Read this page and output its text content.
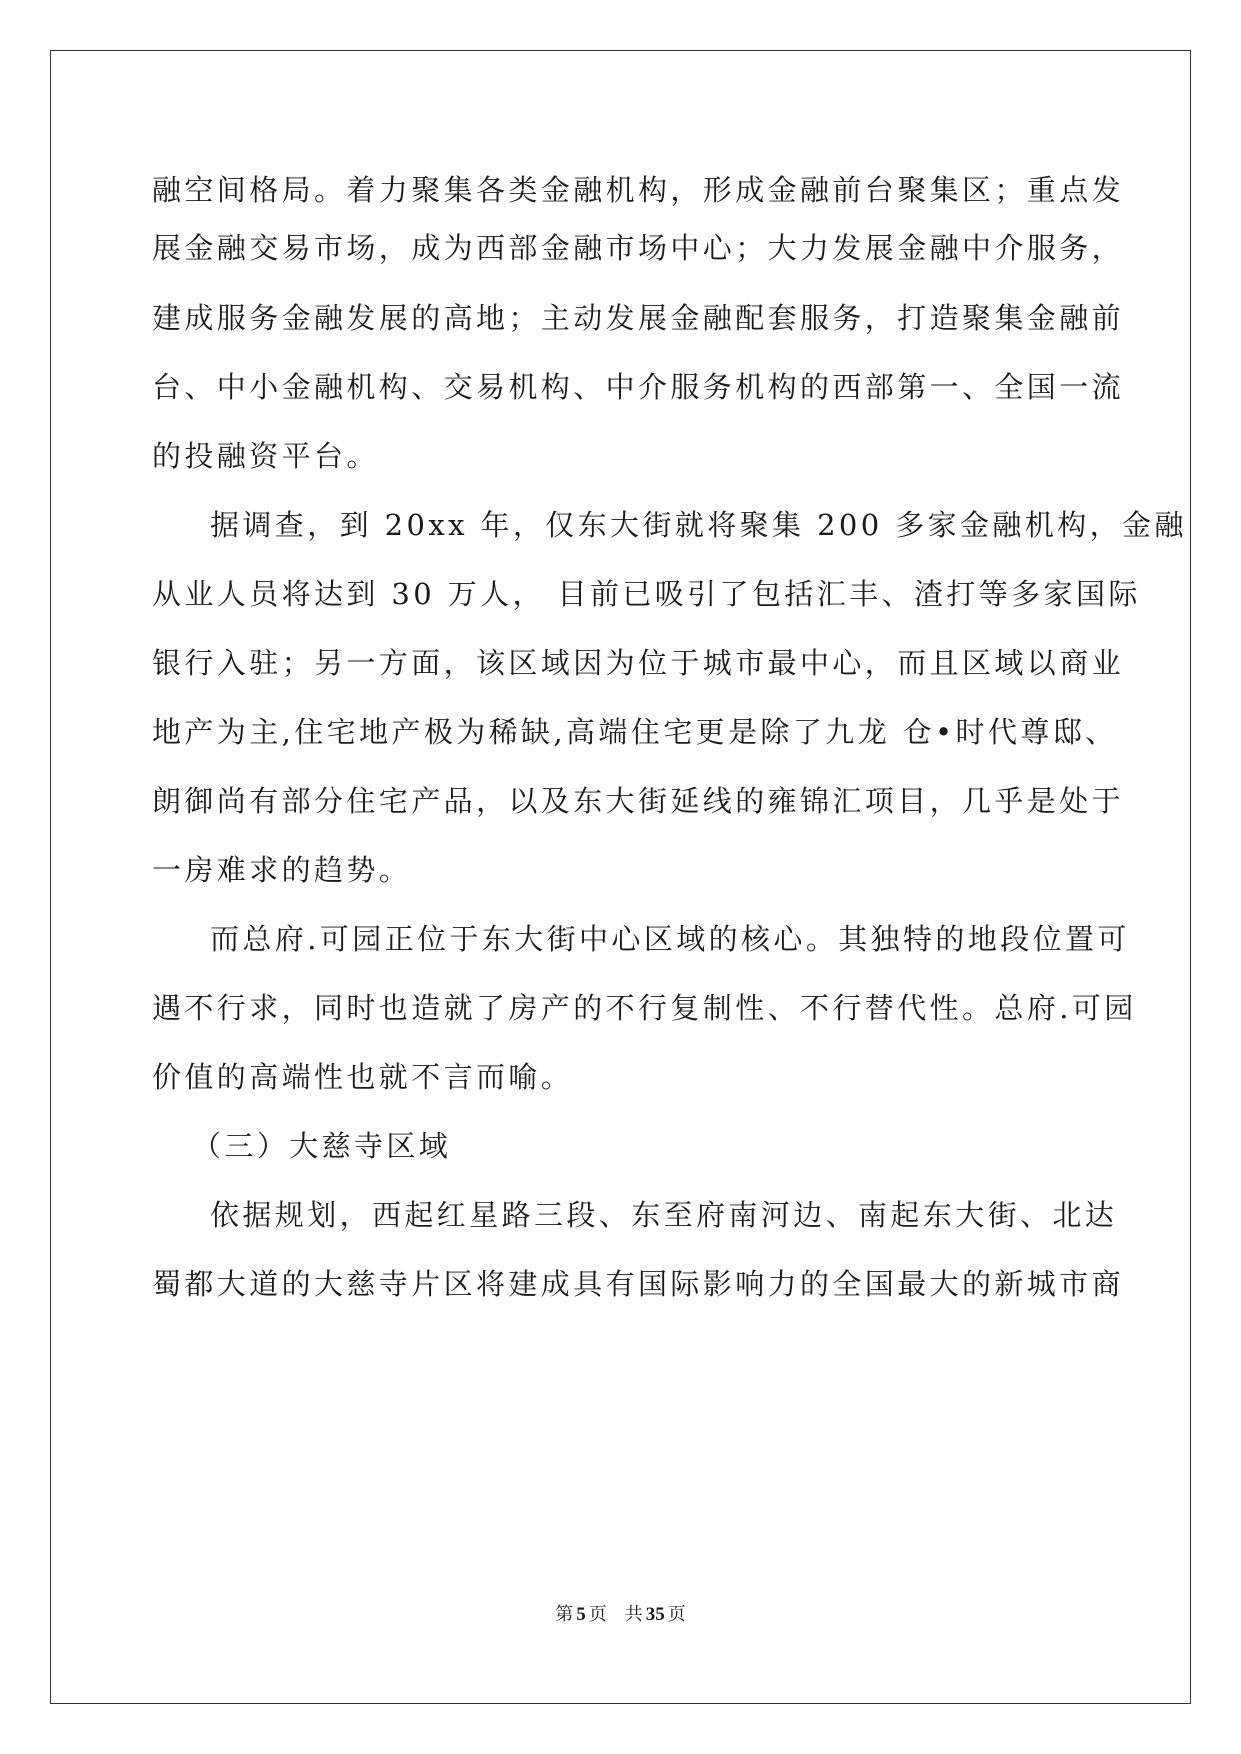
融空间格局。着力聚集各类金融机构，形成金融前台聚集区；重点发
展金融交易市场，成为西部金融市场中心；大力发展金融中介服务，
建成服务金融发展的高地；主动发展金融配套服务，打造聚集金融前
台、中小金融机构、交易机构、中介服务机构的西部第一、全国一流
的投融资平台。
据调查，到 20xx 年，仅东大街就将聚集 200 多家金融机构，金融
从业人员将达到 30 万人， 目前已吸引了包括汇丰、渣打等多家国际
银行入驻；另一方面，该区域因为位于城市最中心，而且区域以商业
地产为主,住宅地产极为稀缺,高端住宅更是除了九龙 仓•时代尊邸、
朗御尚有部分住宅产品，以及东大街延线的雍锦汇项目，几乎是处于
一房难求的趋势。
而总府.可园正位于东大街中心区域的核心。其独特的地段位置可
遇不行求，同时也造就了房产的不行复制性、不行替代性。总府.可园
价值的高端性也就不言而喻。
（三）大慈寺区域
依据规划，西起红星路三段、东至府南河边、南起东大街、北达
蜀都大道的大慈寺片区将建成具有国际影响力的全国最大的新城市商
第 5 页　共 35 页
